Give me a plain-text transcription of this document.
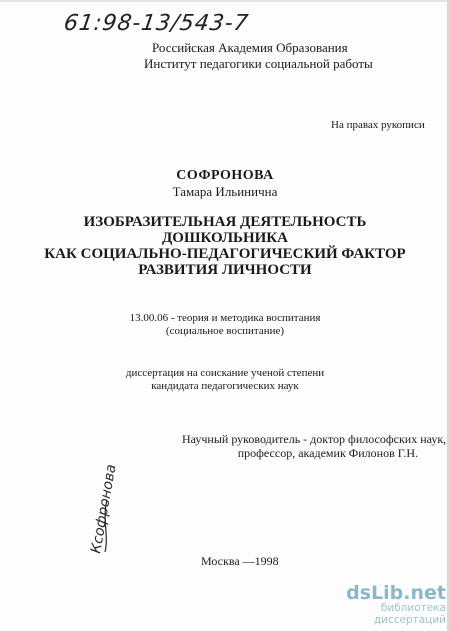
61:98-13/543-7
Российская Академия Образования
Институт педагогики социальной работы
На правах рукописи
СОФРОНОВА
Тамара Ильинична
ИЗОБРАЗИТЕЛЬНАЯ ДЕЯТЕЛЬНОСТЬ
ДОШКОЛЬНИКА
КАК СОЦИАЛЬНО-ПЕДАГОГИЧЕСКИЙ ФАКТОР
РАЗВИТИЯ ЛИЧНОСТИ
13.00.06 - теория и методика воспитания
(социальное воспитание)
диссертация на соискание ученой степени
кандидата педагогических наук
Научный руководитель - доктор философских наук,
профессор, академик Филонов Г.Н.
Ксофронова
Москва —1998
dsLib.net
библиотека диссертаций
